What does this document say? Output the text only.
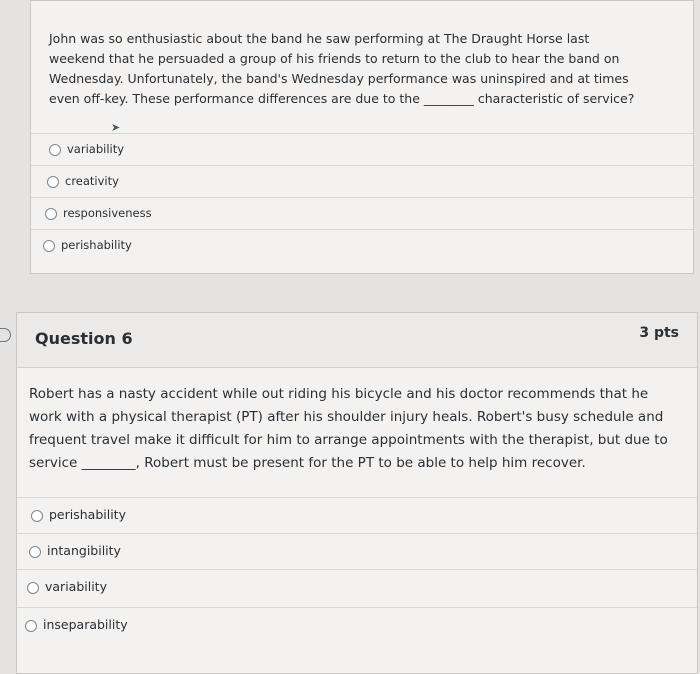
John was so enthusiastic about the band he saw performing at The Draught Horse last weekend that he persuaded a group of his friends to return to the club to hear the band on Wednesday. Unfortunately, the band's Wednesday performance was uninspired and at times even off-key. These performance differences are due to the ________ characteristic of service?
➤
variability
creativity
responsiveness
perishability
Question 6	3 pts
Robert has a nasty accident while out riding his bicycle and his doctor recommends that he work with a physical therapist (PT) after his shoulder injury heals. Robert's busy schedule and frequent travel make it difficult for him to arrange appointments with the therapist, but due to service ________, Robert must be present for the PT to be able to help him recover.
perishability
intangibility
variability
inseparability
